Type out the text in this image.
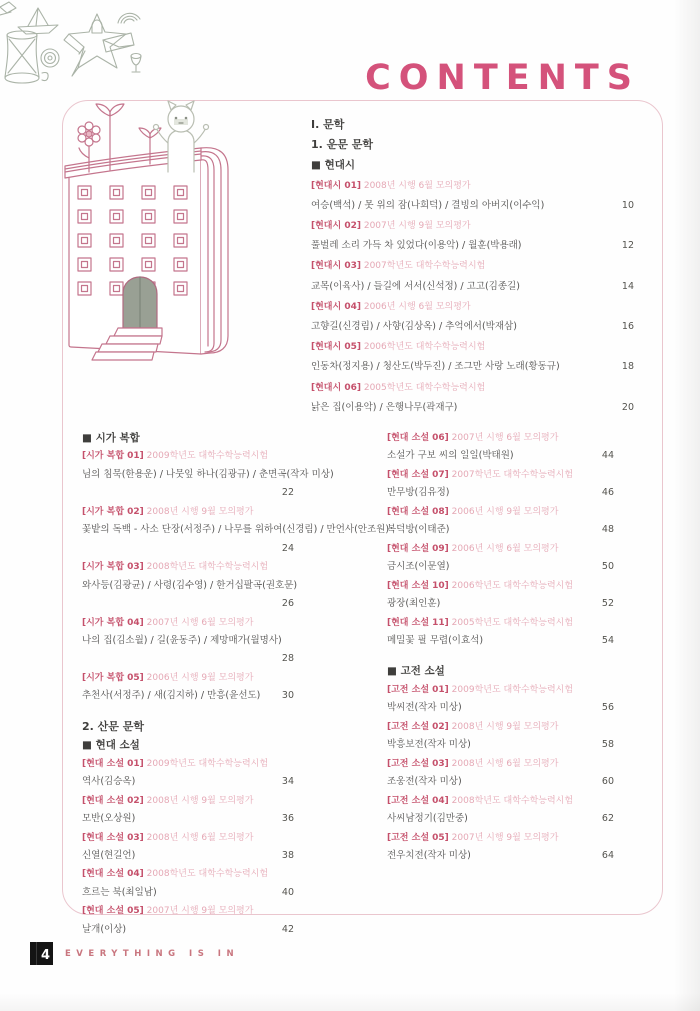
CONTENTS
I. 문학
1. 운문 문학
■ 현대시
[현대시 01] 2008년 시행 6월 모의평가
여승(백석) / 못 위의 잠(나희덕) / 결빙의 아버지(이수익)	10
[현대시 02] 2007년 시행 9월 모의평가
풀벌레 소리 가득 차 있었다(이용악) / 월훈(박용래)	12
[현대시 03] 2007학년도 대학수학능력시험
교목(이육사) / 들길에 서서(신석정) / 고고(김종길)	14
[현대시 04] 2006년 시행 6월 모의평가
고향길(신경림) / 사향(김상옥) / 추억에서(박재삼)	16
[현대시 05] 2006학년도 대학수학능력시험
인동차(정지용) / 청산도(박두진) / 조그만 사랑 노래(황동규)	18
[현대시 06] 2005학년도 대학수학능력시험
낡은 집(이용악) / 은행나무(곽재구)	20
■ 시가 복합
[시가 복합 01] 2009학년도 대학수학능력시험
님의 침묵(한용운) / 나뭇잎 하나(김광규) / 춘면곡(작자 미상)
22
[시가 복합 02] 2008년 시행 9월 모의평가
꽃밭의 독백 - 사소 단장(서정주) / 나무를 위하여(신경림) / 만언사(안조원)
24
[시가 복합 03] 2008학년도 대학수학능력시험
와사등(김광균) / 사령(김수영) / 한거십팔곡(권호문)
26
[시가 복합 04] 2007년 시행 6월 모의평가
나의 집(김소월) / 길(윤동주) / 제망매가(월명사)
28
[시가 복합 05] 2006년 시행 9월 모의평가
추천사(서정주) / 새(김지하) / 만흥(윤선도)	30
2. 산문 문학
■ 현대 소설
[현대 소설 01] 2009학년도 대학수학능력시험
역사(김승옥)	34
[현대 소설 02] 2008년 시행 9월 모의평가
모반(오상원)	36
[현대 소설 03] 2008년 시행 6월 모의평가
신열(현길언)	38
[현대 소설 04] 2008학년도 대학수학능력시험
흐르는 북(최일남)	40
[현대 소설 05] 2007년 시행 9월 모의평가
날개(이상)	42
[현대 소설 06] 2007년 시행 6월 모의평가
소설가 구보 씨의 일일(박태원)	44
[현대 소설 07] 2007학년도 대학수학능력시험
만무방(김유정)	46
[현대 소설 08] 2006년 시행 9월 모의평가
복덕방(이태준)	48
[현대 소설 09] 2006년 시행 6월 모의평가
금시조(이문열)	50
[현대 소설 10] 2006학년도 대학수학능력시험
광장(최인훈)	52
[현대 소설 11] 2005학년도 대학수학능력시험
메밀꽃 필 무렵(이효석)	54
■ 고전 소설
[고전 소설 01] 2009학년도 대학수학능력시험
박씨전(작자 미상)	56
[고전 소설 02] 2008년 시행 9월 모의평가
박흥보전(작자 미상)	58
[고전 소설 03] 2008년 시행 6월 모의평가
조웅전(작자 미상)	60
[고전 소설 04] 2008학년도 대학수학능력시험
사씨남정기(김만중)	62
[고전 소설 05] 2007년 시행 9월 모의평가
전우치전(작자 미상)	64
4	EVERYTHING IS IN
